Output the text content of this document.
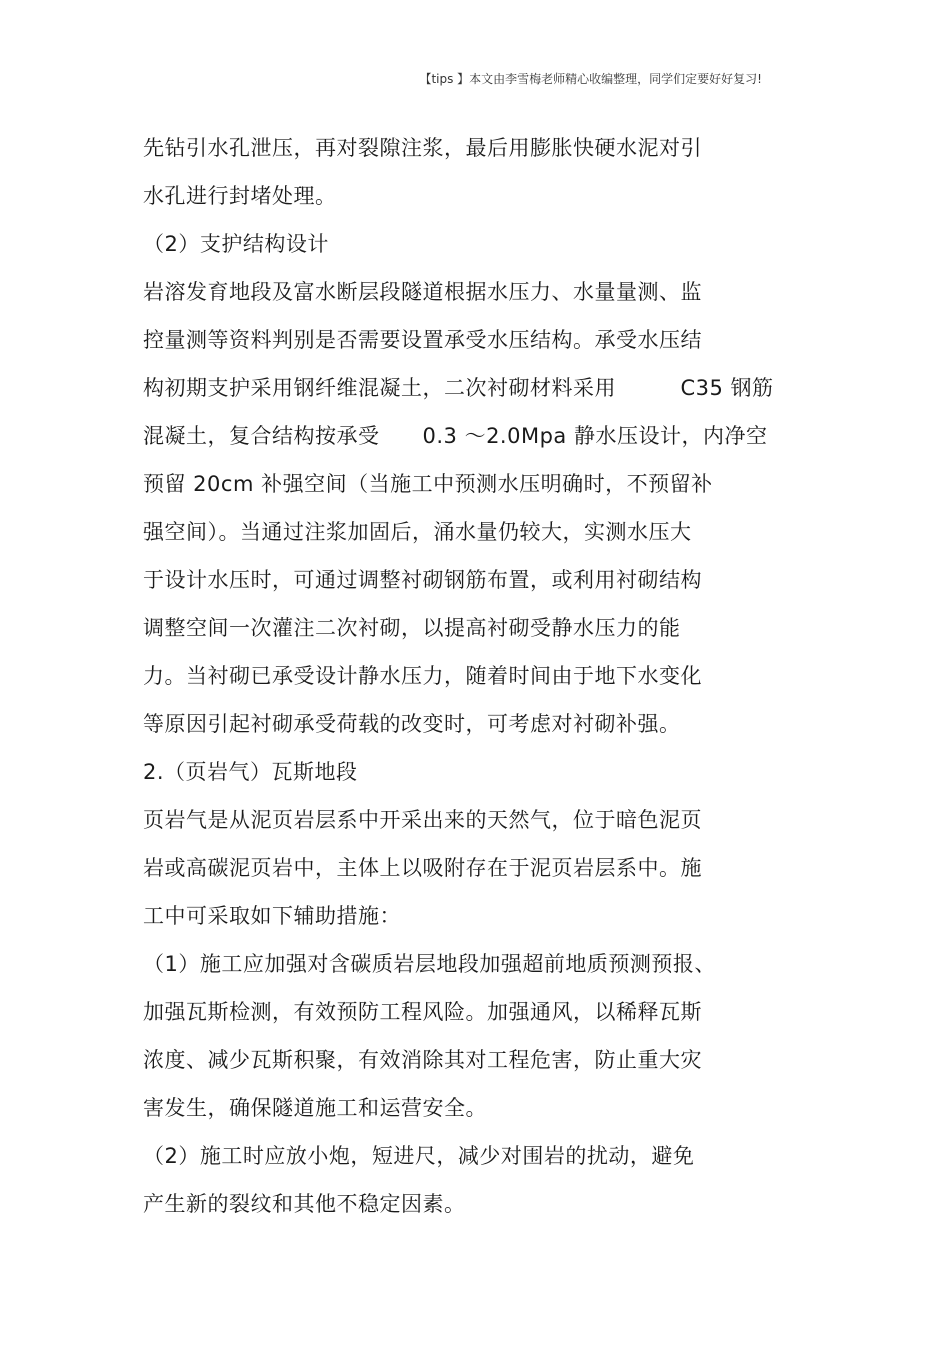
【tips 】本文由李雪梅老师精心收编整理，同学们定要好好复习!
先钻引水孔泄压，再对裂隙注浆，最后用膨胀快硬水泥对引
水孔进行封堵处理。
（2）支护结构设计
岩溶发育地段及富水断层段隧道根据水压力、水量量测、监
控量测等资料判别是否需要设置承受水压结构。承受水压结
构初期支护采用钢纤维混凝土，二次衬砌材料采用　　　C35 钢筋
混凝土，复合结构按承受　　0.3 ～2.0Mpa 静水压设计，内净空
预留 20cm 补强空间（当施工中预测水压明确时，不预留补
强空间）。当通过注浆加固后，涌水量仍较大，实测水压大
于设计水压时，可通过调整衬砌钢筋布置，或利用衬砌结构
调整空间一次灌注二次衬砌，以提高衬砌受静水压力的能
力。当衬砌已承受设计静水压力，随着时间由于地下水变化
等原因引起衬砌承受荷载的改变时，可考虑对衬砌补强。
2.（页岩气）瓦斯地段
页岩气是从泥页岩层系中开采出来的天然气，位于暗色泥页
岩或高碳泥页岩中，主体上以吸附存在于泥页岩层系中。施
工中可采取如下辅助措施：
（1）施工应加强对含碳质岩层地段加强超前地质预测预报、
加强瓦斯检测，有效预防工程风险。加强通风，以稀释瓦斯
浓度、减少瓦斯积聚，有效消除其对工程危害，防止重大灾
害发生，确保隧道施工和运营安全。
（2）施工时应放小炮，短进尺，减少对围岩的扰动，避免
产生新的裂纹和其他不稳定因素。
